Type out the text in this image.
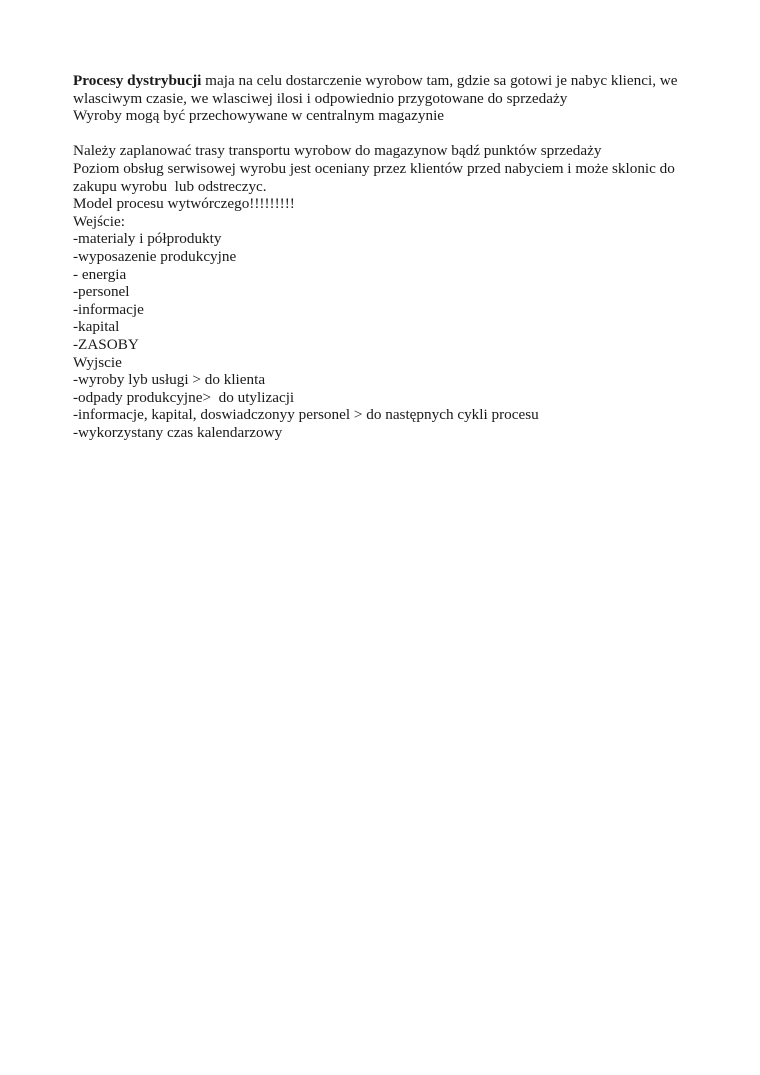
Procesy dystrybucji maja na celu dostarczenie wyrobow tam, gdzie sa gotowi je nabyc klienci, we

wlasciwym czasie, we wlasciwej ilosi i odpowiednio przygotowane do sprzedaży

Wyroby mogą być przechowywane w centralnym magazynie

Należy zaplanować trasy transportu wyrobow do magazynow bądź punktów sprzedaży

Poziom obsług serwisowej wyrobu jest oceniany przez klientów przed nabyciem i może sklonic do

zakupu wyrobu  lub odstreczyc.

Model procesu wytwórczego!!!!!!!!!

Wejście:

-materialy i półprodukty

-wyposazenie produkcyjne

- energia

-personel

-informacje

-kapital

-ZASOBY

Wyjscie

-wyroby lyb usługi > do klienta

-odpady produkcyjne>  do utylizacji

-informacje, kapital, doswiadczonyy personel > do następnych cykli procesu

-wykorzystany czas kalendarzowy
